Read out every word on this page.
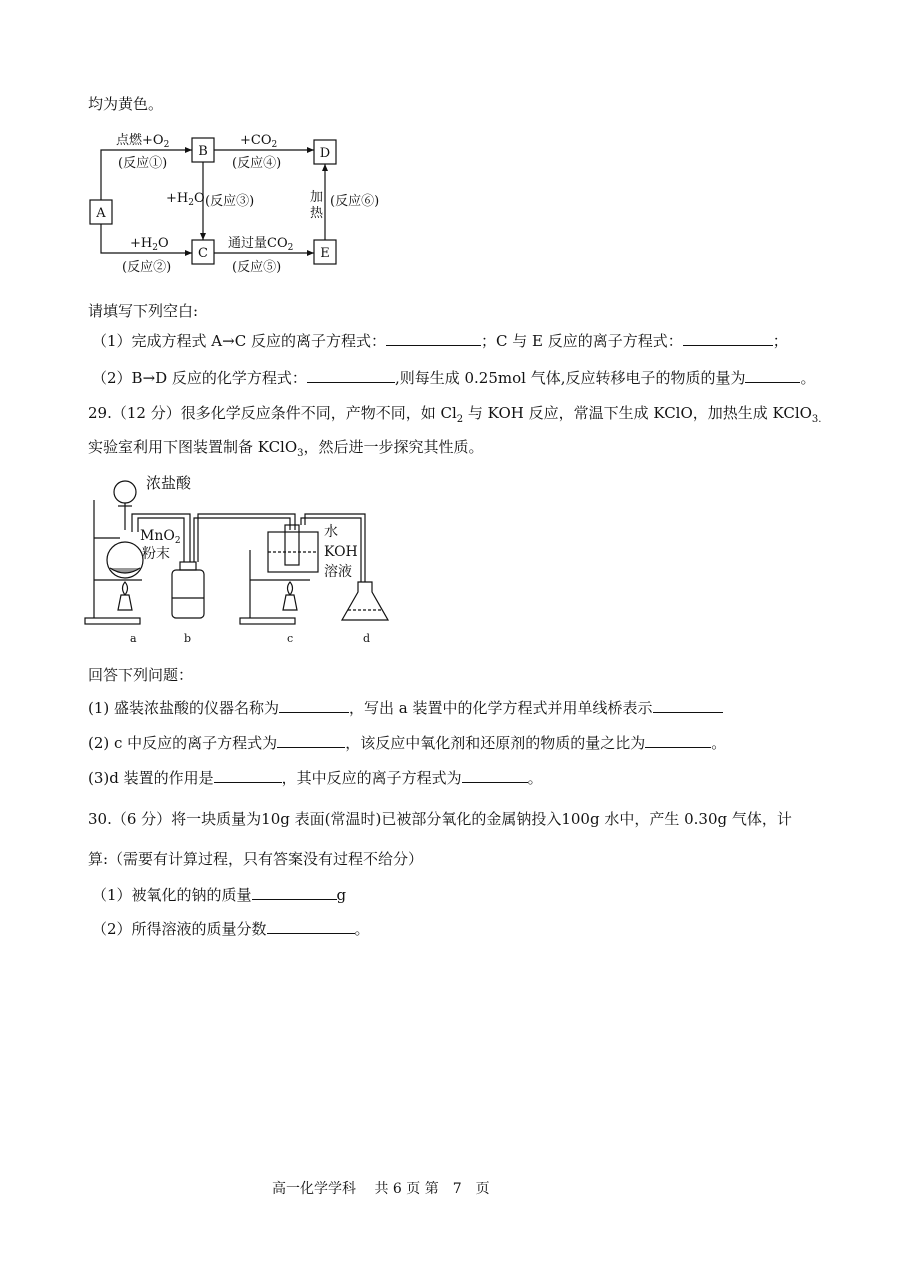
均为黄色。
A
B
C
D
E
点燃$+O_2$
(反应①)
$+CO_2$
(反应④)
$+H_2O$ (反应③)
$+H_2O$
(反应②)
通过量$CO_2$
(反应⑤)
加
热
(反应⑥)
请填写下列空白:
（1）完成方程式 A→C 反应的离子方程式：	；C 与 E 反应的离子方程式：	；
（2）B→D 反应的化学方程式：	,则每生成 0.25mol 气体,反应转移电子的物质的量为	。
29.（12 分）很多化学反应条件不同，产物不同，如 $Cl_2$ 与 KOH 反应，常温下生成 KClO，加热生成 KClO$_{3.}$
实验室利用下图装置制备 KClO$_3$，然后进一步探究其性质。
浓盐酸
MnO$_2$
粉末
水
KOH
溶液
a	b	c	d
回答下列问题：
(1) 盛装浓盐酸的仪器名称为	，写出 a 装置中的化学方程式并用单线桥表示
(2) c 中反应的离子方程式为	，该反应中氧化剂和还原剂的物质的量之比为	。
(3)d 装置的作用是	，其中反应的离子方程式为	。
30.（6 分）将一块质量为10g 表面(常温时)已被部分氧化的金属钠投入100g 水中，产生 0.30g 气体，计
算:（需要有计算过程，只有答案没有过程不给分）
（1）被氧化的钠的质量	g
（2）所得溶液的质量分数	。
高一化学学科　 共 6 页 第　7　页
